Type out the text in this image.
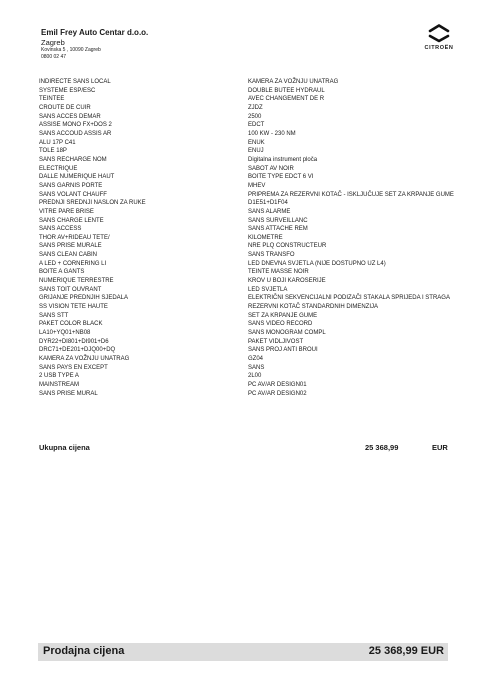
Emil Frey Auto Centar d.o.o.
Zagreb
Kovinska 5 , 10090 Zagreb
0800 02 47
CITROËN
INDIRECTE SANS LOCAL
SYSTEME ESP/ESC
TEINTEE
CROUTE DE CUIR
SANS ACCES DEMAR
ASSISE MONO FX+DOS 2
SANS ACCOUD ASSIS AR
ALU 17P C41
TOLE 18P
SANS RECHARGE NOM
ELECTRIQUE
DALLE NUMERIQUE HAUT
SANS GARNIS PORTE
SANS VOLANT CHAUFF
PREDNJI SREDNJI NASLON ZA RUKE
VITRE PARE BRISE
SANS CHARGE LENTE
SANS ACCESS
THOR AV+RIDEAU TETE/
SANS PRISE MURALE
SANS CLEAN CABIN
A LED + CORNERING LI
BOITE A GANTS
NUMERIQUE TERRESTRE
SANS TOIT OUVRANT
GRIJANJE PREDNJIH SJEDALA
SS VISION TETE HAUTE
SANS STT
PAKET COLOR BLACK
LA10+YQ01+NB08
DYR22+DI801+DI901+D6
DRC71+DE201+DJQ00+DQ
KAMERA ZA VOŽNJU UNATRAG
SANS PAYS EN EXCEPT
2 USB TYPE A
MAINSTREAM
SANS PRISE MURAL
KAMERA ZA VOŽNJU UNATRAG
DOUBLE BUTEE HYDRAUL
AVEC CHANGEMENT DE R
ZJDZ
2500
EDCT
100 KW - 230 NM
ENUK
ENUJ
Digitalna instrument ploča
SABOT AV NOIR
BOITE TYPE EDCT 6 VI
MHEV
PRIPREMA ZA REZERVNI KOTAČ - ISKLJUČUJE SET ZA KRPANJE GUME
D1E51+D1F04
SANS ALARME
SANS SURVEILLANC
SANS ATTACHE REM
KILOMETRE
NRE PLQ CONSTRUCTEUR
SANS TRANSFO
LED DNEVNA SVJETLA (NIJE DOSTUPNO UZ L4)
TEINTE MASSE NOIR
KROV U BOJI KAROSERIJE
LED SVJETLA
ELEKTRIČNI SEKVENCIJALNI PODIZAČI STAKALA SPRIJEDA I STRAGA
REZERVNI KOTAČ STANDARDNIH DIMENZIJA
SET ZA KRPANJE GUME
SANS VIDEO RECORD
SANS MONOGRAM COMPL
PAKET VIDLJIVOST
SANS PROJ ANTI BROUI
GZ04
SANS
2L00
PC AV/AR DESIGN01
PC AV/AR DESIGN02
Ukupna cijena	25 368,99	EUR
Prodajna cijena	25 368,99 EUR
